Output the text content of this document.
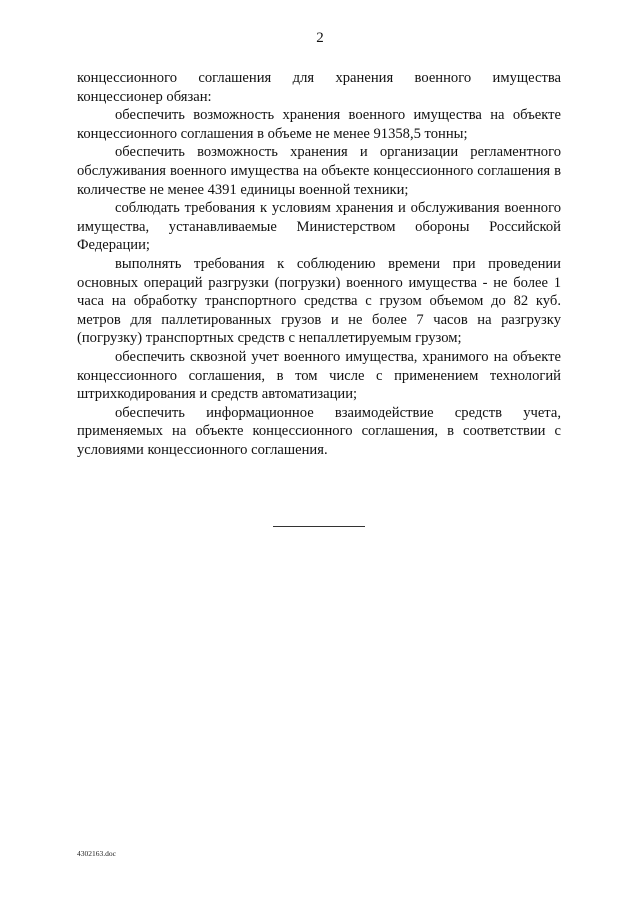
2

концессионного соглашения для хранения военного имущества концессионер обязан:

обеспечить возможность хранения военного имущества на объекте концессионного соглашения в объеме не менее 91358,5 тонны;

обеспечить возможность хранения и организации регламентного обслуживания военного имущества на объекте концессионного соглашения в количестве не менее 4391 единицы военной техники;

соблюдать требования к условиям хранения и обслуживания военного имущества, устанавливаемые Министерством обороны Российской Федерации;

выполнять требования к соблюдению времени при проведении основных операций разгрузки (погрузки) военного имущества - не более 1 часа на обработку транспортного средства с грузом объемом до 82 куб. метров для паллетированных грузов и не более 7 часов на разгрузку (погрузку) транспортных средств с непаллетируемым грузом;

обеспечить сквозной учет военного имущества, хранимого на объекте концессионного соглашения, в том числе с применением технологий штрихкодирования и средств автоматизации;

обеспечить информационное взаимодействие средств учета, применяемых на объекте концессионного соглашения, в соответствии с условиями концессионного соглашения.

4302163.doc
